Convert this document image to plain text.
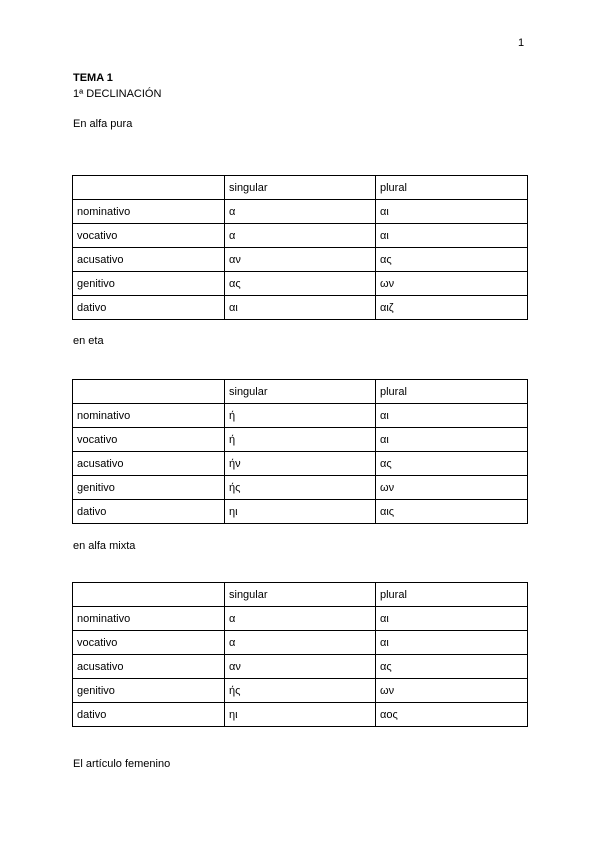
1
TEMA 1
1ª DECLINACIÓN
En alfa pura
	singular	plural
nominativo	α	αι
vocativo	α	αι
acusativo	αν	ας
genitivo	ας	ων
dativo	αι	αιζ
en eta
	singular	plural
nominativo	ή	αι
vocativo	ή	αι
acusativo	ήν	ας
genitivo	ής	ων
dativo	ηι	αις
en alfa mixta
	singular	plural
nominativo	α	αι
vocativo	α	αι
acusativo	αν	ας
genitivo	ής	ων
dativo	ηι	αος
El artículo femenino
